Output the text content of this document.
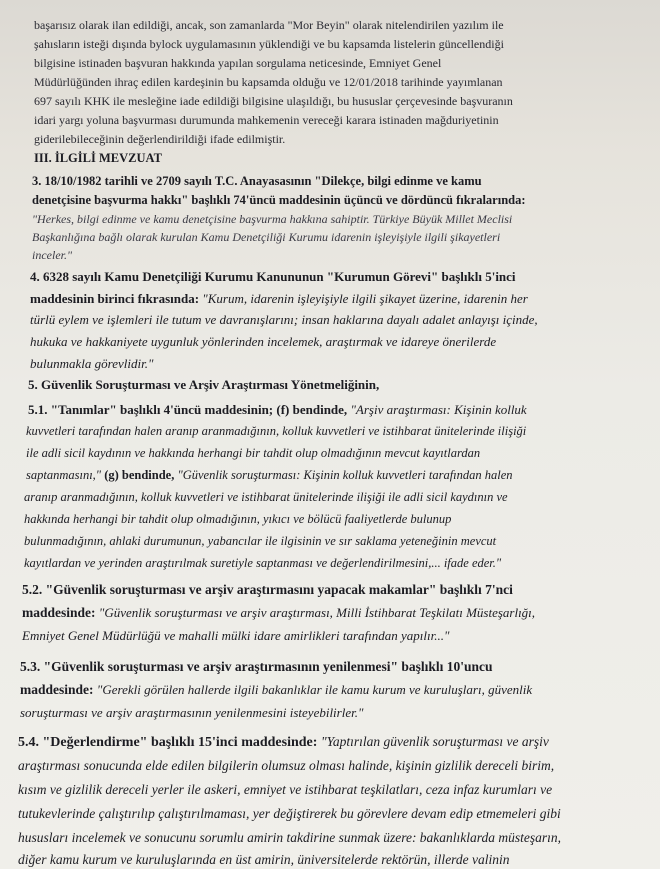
başarısız olarak ilan edildiği, ancak, son zamanlarda "Mor Beyin" olarak nitelendirilen yazılım ile
şahısların isteği dışında bylock uygulamasının yüklendiği ve bu kapsamda listelerin güncellendiği
bilgisine istinaden başvuran hakkında yapılan sorgulama neticesinde, Emniyet Genel
Müdürlüğünden ihraç edilen kardeşinin bu kapsamda olduğu ve 12/01/2018 tarihinde yayımlanan
697 sayılı KHK ile mesleğine iade edildiği bilgisine ulaşıldığı, bu hususlar çerçevesinde başvuranın
idari yargı yoluna başvurması durumunda mahkemenin vereceği karara istinaden mağduriyetinin
giderilebileceğinin değerlendirildiği ifade edilmiştir.
III. İLGİLİ MEVZUAT
3. 18/10/1982 tarihli ve 2709 sayılı T.C. Anayasasının "Dilekçe, bilgi edinme ve kamu
denetçisine başvurma hakkı" başlıklı 74'üncü maddesinin üçüncü ve dördüncü fıkralarında:
"Herkes, bilgi edinme ve kamu denetçisine başvurma hakkına sahiptir. Türkiye Büyük Millet Meclisi
Başkanlığına bağlı olarak kurulan Kamu Denetçiliği Kurumu idarenin işleyişiyle ilgili şikayetleri
inceler."
4. 6328 sayılı Kamu Denetçiliği Kurumu Kanununun "Kurumun Görevi" başlıklı 5'inci
maddesinin birinci fıkrasında: "Kurum, idarenin işleyişiyle ilgili şikayet üzerine, idarenin her
türlü eylem ve işlemleri ile tutum ve davranışlarını; insan haklarına dayalı adalet anlayışı içinde,
hukuka ve hakkaniyete uygunluk yönlerinden incelemek, araştırmak ve idareye önerilerde
bulunmakla görevlidir."
5. Güvenlik Soruşturması ve Arşiv Araştırması Yönetmeliğinin,
5.1. "Tanımlar" başlıklı 4'üncü maddesinin; (f) bendinde, "Arşiv araştırması: Kişinin kolluk
kuvvetleri tarafından halen aranıp aranmadığının, kolluk kuvvetleri ve istihbarat ünitelerinde ilişiği
ile adli sicil kaydının ve hakkında herhangi bir tahdit olup olmadığının mevcut kayıtlardan
saptanmasını," (g) bendinde, "Güvenlik soruşturması: Kişinin kolluk kuvvetleri tarafından halen
aranıp aranmadığının, kolluk kuvvetleri ve istihbarat ünitelerinde ilişiği ile adli sicil kaydının ve
hakkında herhangi bir tahdit olup olmadığının, yıkıcı ve bölücü faaliyetlerde bulunup
bulunmadığının, ahlaki durumunun, yabancılar ile ilgisinin ve sır saklama yeteneğinin mevcut
kayıtlardan ve yerinden araştırılmak suretiyle saptanması ve değerlendirilmesini,... ifade eder."
5.2. "Güvenlik soruşturması ve arşiv araştırmasını yapacak makamlar" başlıklı 7'nci
maddesinde: "Güvenlik soruşturması ve arşiv araştırması, Milli İstihbarat Teşkilatı Müsteşarlığı,
Emniyet Genel Müdürlüğü ve mahalli mülki idare amirlikleri tarafından yapılır..."
5.3. "Güvenlik soruşturması ve arşiv araştırmasının yenilenmesi" başlıklı 10'uncu
maddesinde: "Gerekli görülen hallerde ilgili bakanlıklar ile kamu kurum ve kuruluşları, güvenlik
soruşturması ve arşiv araştırmasının yenilenmesini isteyebilirler."
5.4. "Değerlendirme" başlıklı 15'inci maddesinde: "Yaptırılan güvenlik soruşturması ve arşiv
araştırması sonucunda elde edilen bilgilerin olumsuz olması halinde, kişinin gizlilik dereceli birim,
kısım ve gizlilik dereceli yerler ile askeri, emniyet ve istihbarat teşkilatları, ceza infaz kurumları ve
tutukevlerinde çalıştırılıp çalıştırılmaması, yer değiştirerek bu görevlere devam edip etmemeleri gibi
hususları incelemek ve sonucunu sorumlu amirin takdirine sunmak üzere: bakanlıklarda müsteşarın,
diğer kamu kurum ve kuruluşlarında en üst amirin, üniversitelerde rektörün, illerde valinin
